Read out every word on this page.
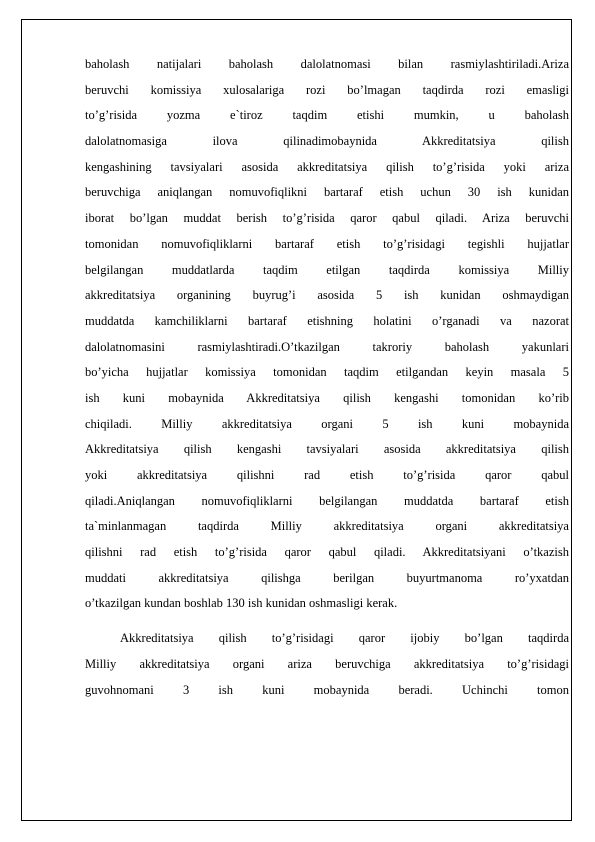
baholash natijalari baholash dalolatnomasi bilan rasmiylashtiriladi.Ariza
beruvchi komissiya xulosalariga rozi bo’lmagan taqdirda rozi emasligi
to’g’risida yozma e`tiroz taqdim etishi mumkin, u baholash
dalolatnomasiga ilova qilinadimobaynida Akkreditatsiya qilish
kengashining tavsiyalari asosida akkreditatsiya qilish to’g’risida yoki ariza
beruvchiga aniqlangan nomuvofiqlikni bartaraf etish uchun 30 ish kunidan
iborat bo’lgan muddat berish to’g’risida qaror qabul qiladi. Ariza beruvchi
tomonidan nomuvofiqliklarni bartaraf etish to’g’risidagi tegishli hujjatlar
belgilangan muddatlarda taqdim etilgan taqdirda komissiya Milliy
akkreditatsiya organining buyrug’i asosida 5 ish kunidan oshmaydigan
muddatda kamchiliklarni bartaraf etishning holatini o’rganadi va nazorat
dalolatnomasini rasmiylashtiradi.O’tkazilgan takroriy baholash yakunlari
bo’yicha hujjatlar komissiya tomonidan taqdim etilgandan keyin masala 5
ish kuni mobaynida Akkreditatsiya qilish kengashi tomonidan ko’rib
chiqiladi. Milliy akkreditatsiya organi 5 ish kuni mobaynida
Akkreditatsiya qilish kengashi tavsiyalari asosida akkreditatsiya qilish
yoki akkreditatsiya qilishni rad etish to’g’risida qaror qabul
qiladi.Aniqlangan nomuvofiqliklarni belgilangan muddatda bartaraf etish
ta`minlanmagan taqdirda Milliy akkreditatsiya organi akkreditatsiya
qilishni rad etish to’g’risida qaror qabul qiladi. Akkreditatsiyani o’tkazish
muddati akkreditatsiya qilishga berilgan buyurtmanoma ro’yxatdan
o’tkazilgan kundan boshlab 130 ish kunidan oshmasligi kerak.
Akkreditatsiya qilish to’g’risidagi qaror ijobiy bo’lgan taqdirda
Milliy akkreditatsiya organi ariza beruvchiga akkreditatsiya to’g’risidagi
guvohnomani 3 ish kuni mobaynida beradi. Uchinchi tomon
